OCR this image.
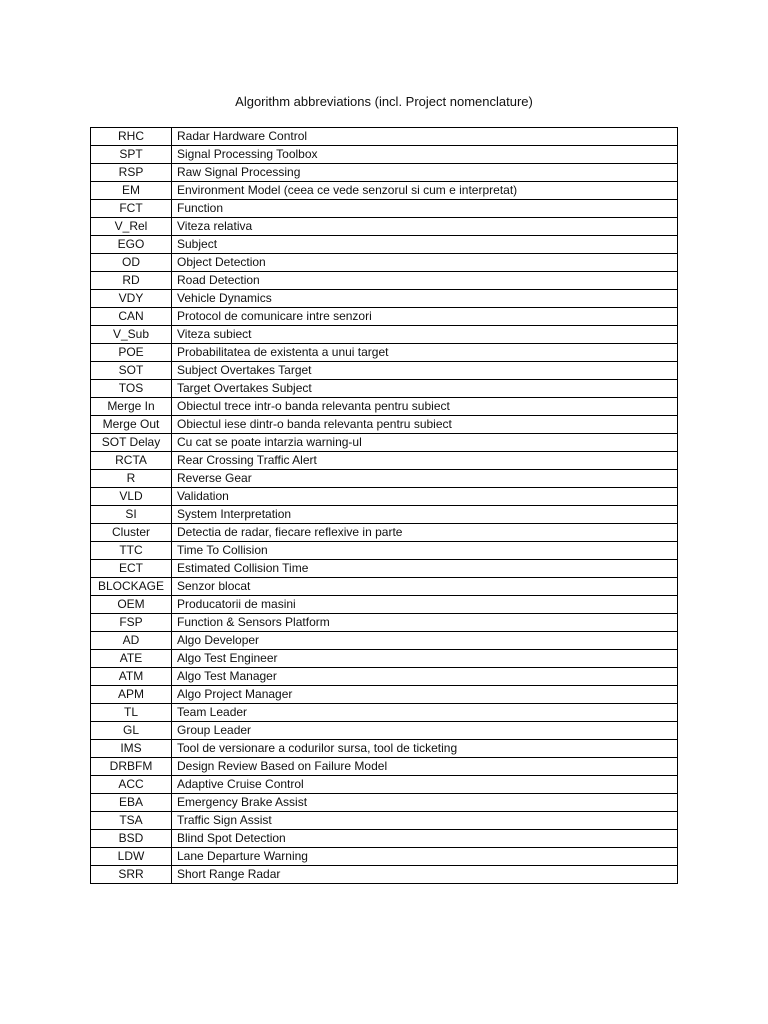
Algorithm abbreviations (incl. Project nomenclature)
RHC	Radar Hardware Control
SPT	Signal Processing Toolbox
RSP	Raw Signal Processing
EM	Environment Model (ceea ce vede senzorul si cum e interpretat)
FCT	Function
V_Rel	Viteza relativa
EGO	Subject
OD	Object Detection
RD	Road Detection
VDY	Vehicle Dynamics
CAN	Protocol de comunicare intre senzori
V_Sub	Viteza subiect
POE	Probabilitatea de existenta a unui target
SOT	Subject Overtakes Target
TOS	Target Overtakes Subject
Merge In	Obiectul trece intr-o banda relevanta pentru subiect
Merge Out	Obiectul iese dintr-o banda relevanta pentru subiect
SOT Delay	Cu cat se poate intarzia warning-ul
RCTA	Rear Crossing Traffic Alert
R	Reverse Gear
VLD	Validation
SI	System Interpretation
Cluster	Detectia de radar, fiecare reflexive in parte
TTC	Time To Collision
ECT	Estimated Collision Time
BLOCKAGE	Senzor blocat
OEM	Producatorii de masini
FSP	Function & Sensors Platform
AD	Algo Developer
ATE	Algo Test Engineer
ATM	Algo Test Manager
APM	Algo Project Manager
TL	Team Leader
GL	Group Leader
IMS	Tool de versionare a codurilor sursa, tool de ticketing
DRBFM	Design Review Based on Failure Model
ACC	Adaptive Cruise Control
EBA	Emergency Brake Assist
TSA	Traffic Sign Assist
BSD	Blind Spot Detection
LDW	Lane Departure Warning
SRR	Short Range Radar
